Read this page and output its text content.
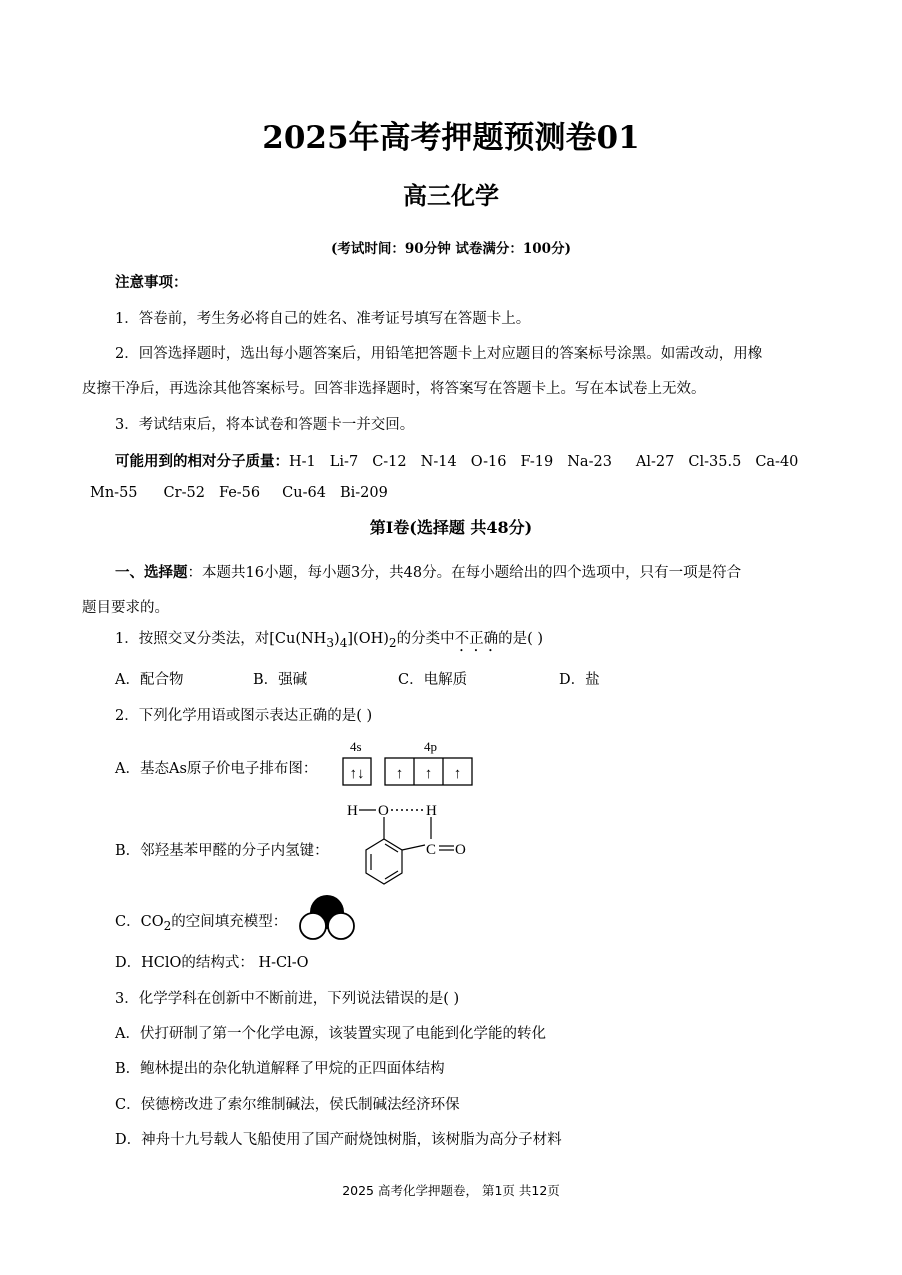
2025年高考押题预测卷01
高三化学
(考试时间：90分钟 试卷满分：100分)
注意事项：
1．答卷前，考生务必将自己的姓名、准考证号填写在答题卡上。
2．回答选择题时，选出每小题答案后，用铅笔把答题卡上对应题目的答案标号涂黑。如需改动，用橡
皮擦干净后，再选涂其他答案标号。回答非选择题时，将答案写在答题卡上。写在本试卷上无效。
3．考试结束后，将本试卷和答题卡一并交回。
可能用到的相对分子质量：H-1 Li-7 C-12 N-14 O-16 F-19 Na-23 Al-27 Cl-35.5 Ca-40
Mn-55 Cr-52 Fe-56 Cu-64 Bi-209
第Ⅰ卷(选择题 共48分)
一、选择题：本题共16小题，每小题3分，共48分。在每小题给出的四个选项中，只有一项是符合
题目要求的。
1．按照交叉分类法，对$[Cu(NH_3)_4](OH)_2$的分类中不正确的是( )
A．配合物	B．强碱	C．电解质	D．盐
2．下列化学用语或图示表达正确的是( )
A．基态As原子价电子排布图：
4s	4p
↑↓ ↑ ↑ ↑
B．邻羟基苯甲醛的分子内氢键：
H O H
C O
C．$CO_2$的空间填充模型：
D．HClO的结构式： H-Cl-O
3．化学学科在创新中不断前进，下列说法错误的是( )
A．伏打研制了第一个化学电源，该装置实现了电能到化学能的转化
B．鲍林提出的杂化轨道解释了甲烷的正四面体结构
C．侯德榜改进了索尔维制碱法，侯氏制碱法经济环保
D．神舟十九号载人飞船使用了国产耐烧蚀树脂，该树脂为高分子材料
2025 高考化学押题卷， 第1页 共12页
